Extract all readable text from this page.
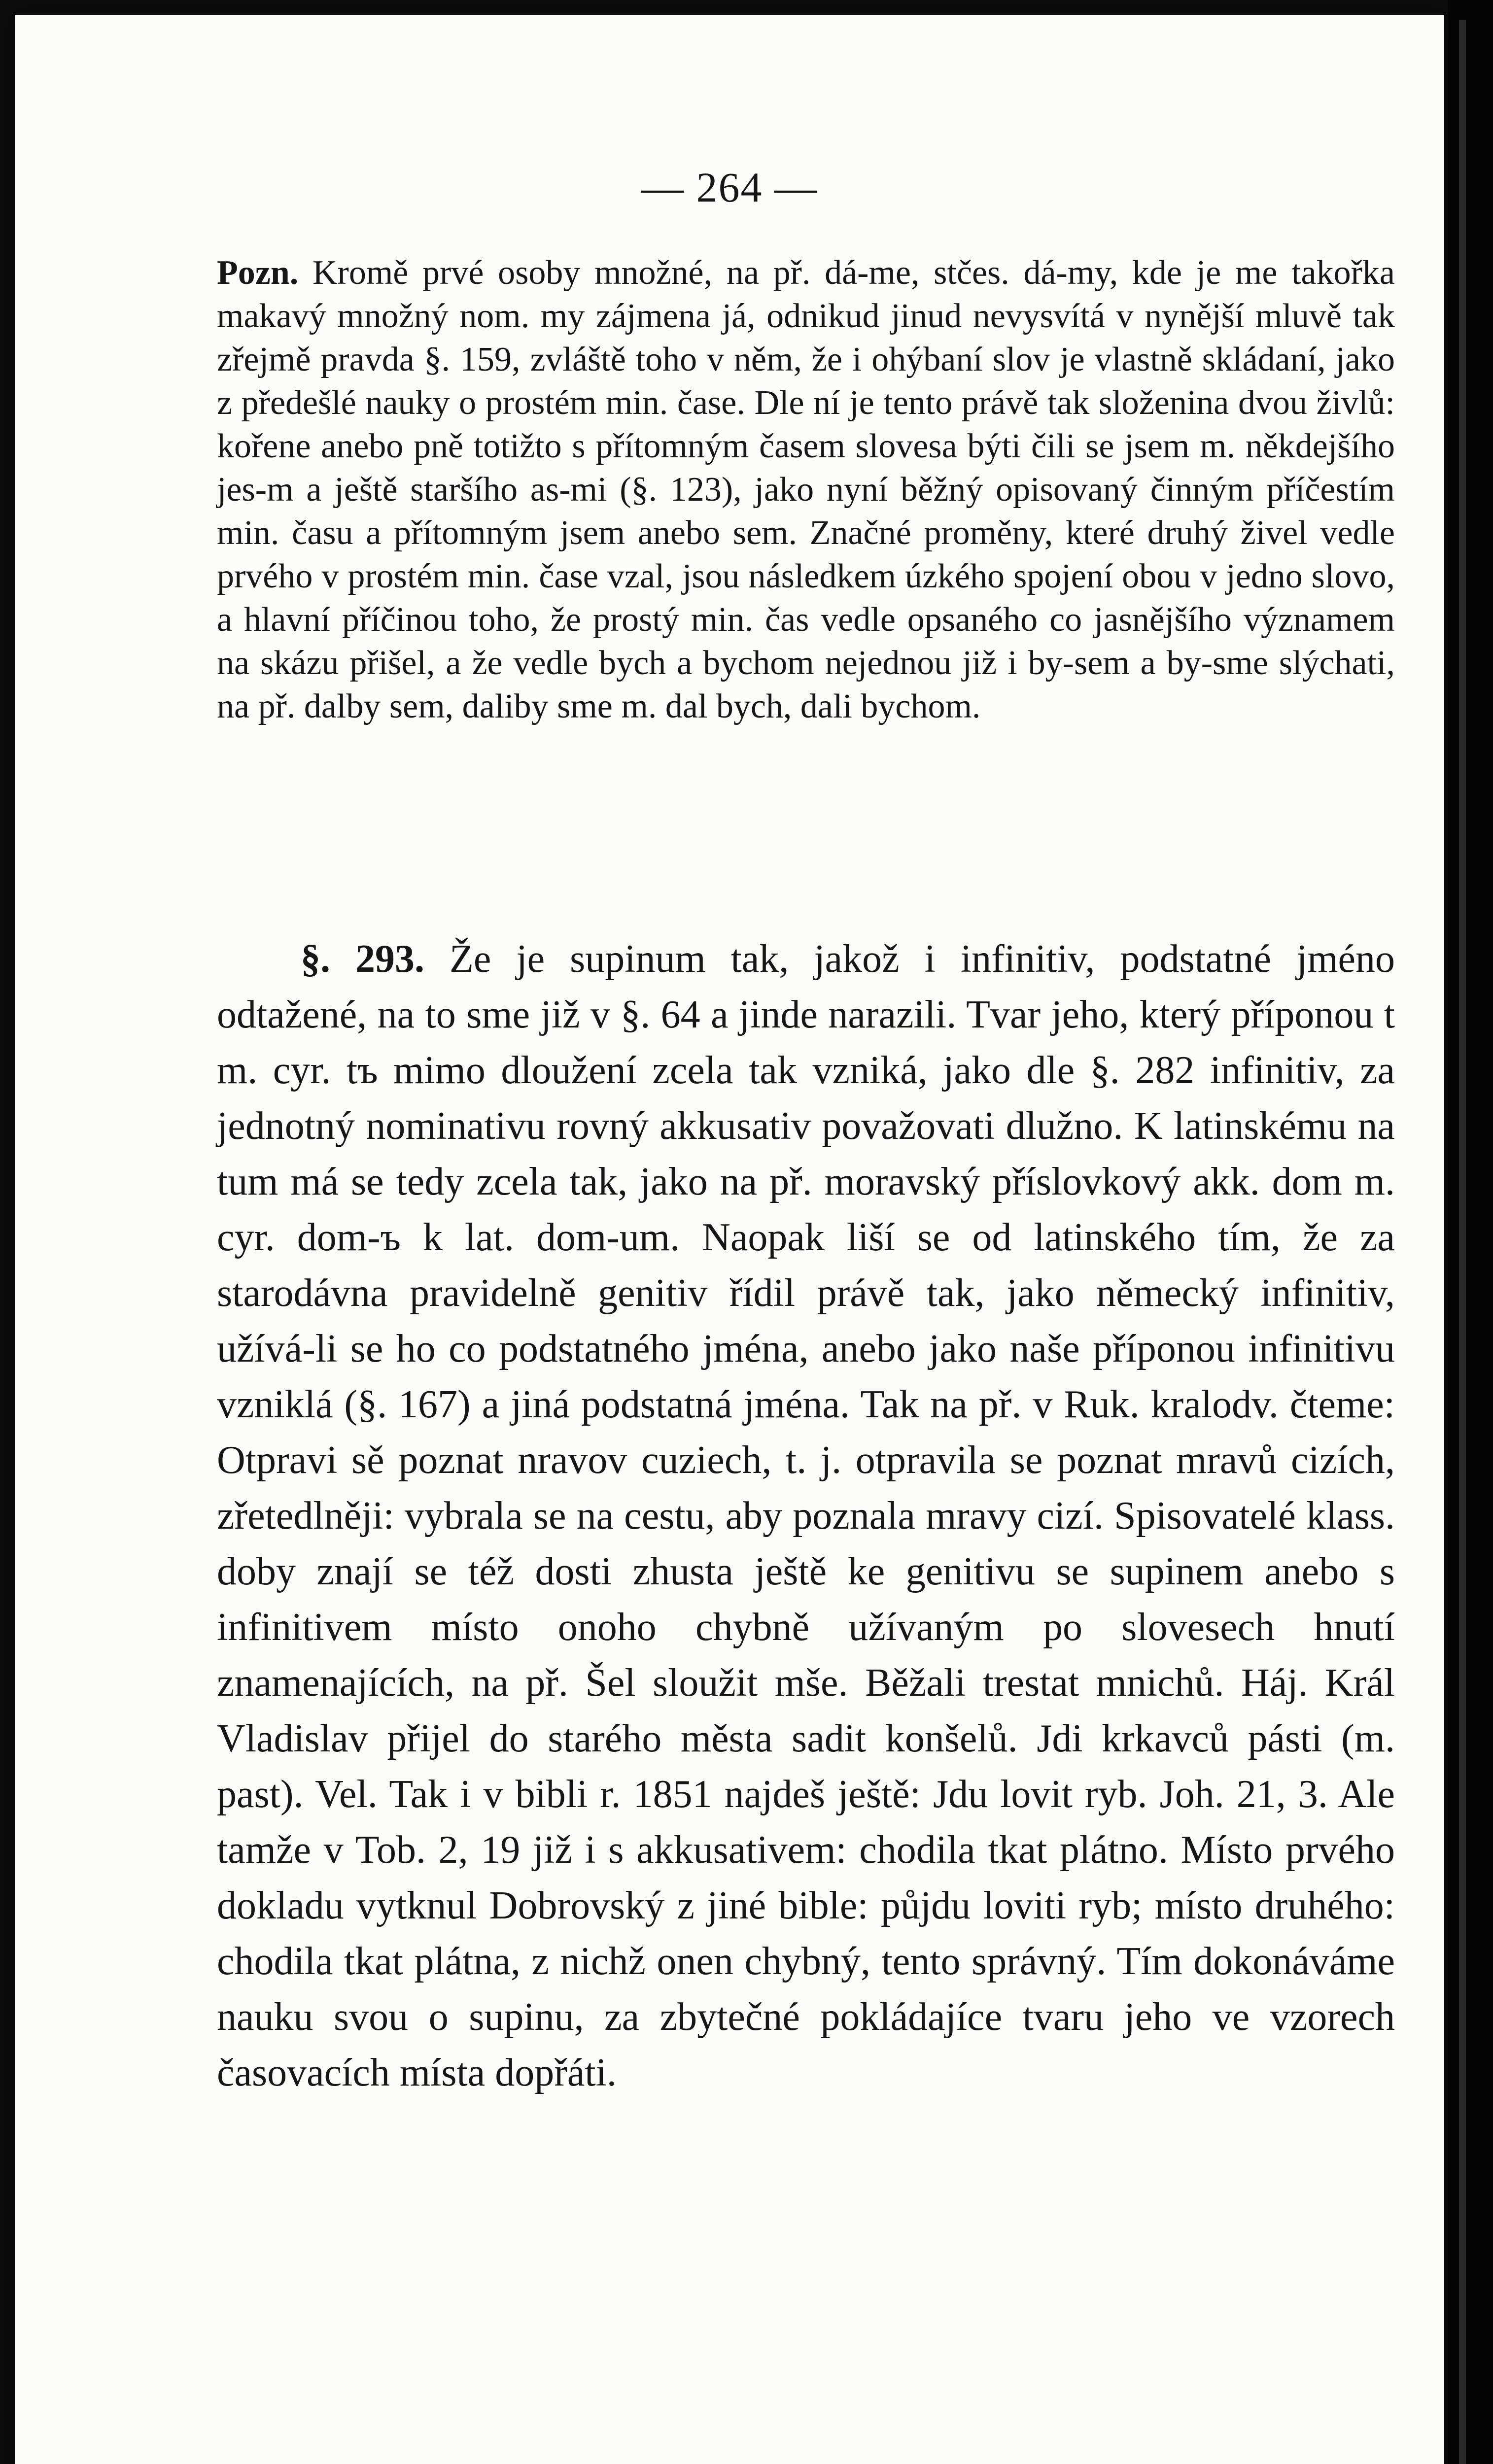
— 264 —

Pozn. Kromě prvé osoby množné, na př. dá-me, stčes. dá-my, kde je me takořka makavý množný nom. my zájmena já, odnikud jinud nevysvítá v nynější mluvě tak zřejmě pravda §. 159, zvláště toho v něm, že i ohýbaní slov je vlastně skládaní, jako z předešlé nauky o prostém min. čase. Dle ní je tento právě tak složenina dvou živlů: kořene anebo pně totižto s přítomným časem slovesa býti čili se jsem m. někdejšího jes-m a ještě staršího as-mi (§. 123), jako nyní běžný opisovaný činným příčestím min. času a přítomným jsem anebo sem. Značné proměny, které druhý živel vedle prvého v prostém min. čase vzal, jsou následkem úzkého spojení obou v jedno slovo, a hlavní příčinou toho, že prostý min. čas vedle opsaného co jasnějšího významem na skázu přišel, a že vedle bych a bychom nejednou již i by-sem a by-sme slýchati, na př. dalby sem, daliby sme m. dal bych, dali bychom.

§. 293. Že je supinum tak, jakož i infinitiv, podstatné jméno odtažené, na to sme již v §. 64 a jinde narazili. Tvar jeho, který příponou t m. cyr. tъ mimo dloužení zcela tak vzniká, jako dle §. 282 infinitiv, za jednotný nominativu rovný akkusativ považovati dlužno. K latinskému na tum má se tedy zcela tak, jako na př. moravský příslovkový akk. dom m. cyr. dom-ъ k lat. dom-um. Naopak liší se od latinského tím, že za starodávna pravidelně genitiv řídil právě tak, jako německý infinitiv, užívá-li se ho co podstatného jména, anebo jako naše příponou infinitivu vzniklá (§. 167) a jiná podstatná jména. Tak na př. v Ruk. kralodv. čteme: Otpravi sě poznat nravov cuziech, t. j. otpravila se poznat mravů cizích, zřetedlněji: vybrala se na cestu, aby poznala mravy cizí. Spisovatelé klass. doby znají se též dosti zhusta ještě ke genitivu se supinem anebo s infinitivem místo onoho chybně užívaným po slovesech hnutí znamenajících, na př. Šel sloužit mše. Běžali trestat mnichů. Háj. Král Vladislav přijel do starého města sadit konšelů. Jdi krkavců pásti (m. past). Vel. Tak i v bibli r. 1851 najdeš ještě: Jdu lovit ryb. Joh. 21, 3. Ale tamže v Tob. 2, 19 již i s akkusativem: chodila tkat plátno. Místo prvého dokladu vytknul Dobrovský z jiné bible: půjdu loviti ryb; místo druhého: chodila tkat plátna, z nichž onen chybný, tento správný. Tím dokonáváme nauku svou o supinu, za zbytečné pokládajíce tvaru jeho ve vzorech časovacích místa dopřáti.
